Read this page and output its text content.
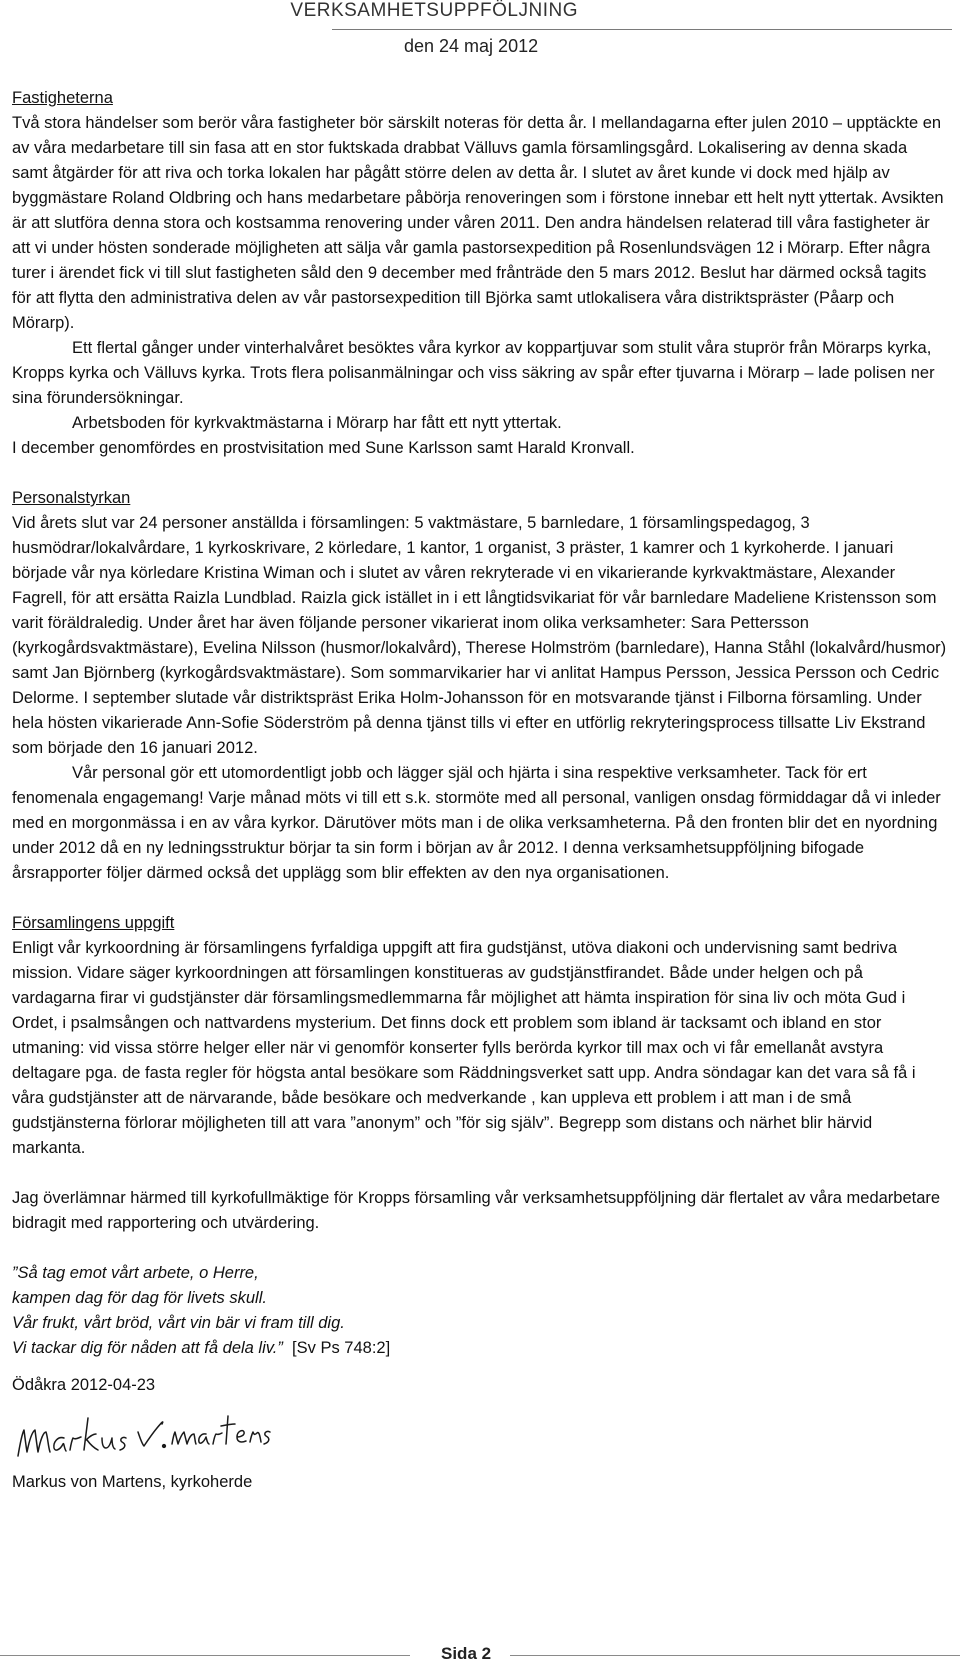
VERKSAMHETSUPPFÖLJNING
den 24 maj 2012

Fastigheterna

Två stora händelser som berör våra fastigheter bör särskilt noteras för detta år. I mellandagarna efter julen 2010 – upptäckte en av våra medarbetare till sin fasa att en stor fuktskada drabbat Välluvs gamla församlingsgård. Lokalisering av denna skada samt åtgärder för att riva och torka lokalen har pågått större delen av detta år. I slutet av året kunde vi dock med hjälp av byggmästare Roland Oldbring och hans medarbetare påbörja renoveringen som i förstone innebar ett helt nytt yttertak. Avsikten är att slutföra denna stora och kostsamma renovering under våren 2011. Den andra händelsen relaterad till våra fastigheter är att vi under hösten sonderade möjligheten att sälja vår gamla pastorsexpedition på Rosenlundsvägen 12 i Mörarp. Efter några turer i ärendet fick vi till slut fastigheten såld den 9 december med frånträde den 5 mars 2012. Beslut har därmed också tagits för att flytta den administrativa delen av vår pastorsexpedition till Björka samt utlokalisera våra distriktspräster (Påarp och Mörarp).

Ett flertal gånger under vinterhalvåret besöktes våra kyrkor av koppartjuvar som stulit våra stuprör från Mörarps kyrka, Kropps kyrka och Välluvs kyrka. Trots flera polisanmälningar och viss säkring av spår efter tjuvarna i Mörarp – lade polisen ner sina förundersökningar.

Arbetsboden för kyrkvaktmästarna i Mörarp har fått ett nytt yttertak.

I december genomfördes en prostvisitation med Sune Karlsson samt Harald Kronvall.

Personalstyrkan

Vid årets slut var 24 personer anställda i församlingen: 5 vaktmästare, 5 barnledare, 1 församlingspedagog, 3 husmödrar/lokalvårdare, 1 kyrkoskrivare, 2 körledare, 1 kantor, 1 organist, 3 präster, 1 kamrer och 1 kyrkoherde. I januari började vår nya körledare Kristina Wiman och i slutet av våren rekryterade vi en vikarierande kyrkvaktmästare, Alexander Fagrell, för att ersätta Raizla Lundblad. Raizla gick istället in i ett långtidsvikariat för vår barnledare Madeliene Kristensson som varit föräldraledig. Under året har även följande personer vikarierat inom olika verksamheter: Sara Pettersson (kyrkogårdsvaktmästare), Evelina Nilsson (husmor/lokalvård), Therese Holmström (barnledare), Hanna Ståhl (lokalvård/husmor) samt Jan Björnberg (kyrkogårdsvaktmästare). Som sommarvikarier har vi anlitat Hampus Persson, Jessica Persson och Cedric Delorme. I september slutade vår distriktspräst Erika Holm-Johansson för en motsvarande tjänst i Filborna församling. Under hela hösten vikarierade Ann-Sofie Söderström på denna tjänst tills vi efter en utförlig rekryteringsprocess tillsatte Liv Ekstrand som började den 16 januari 2012.

Vår personal gör ett utomordentligt jobb och lägger själ och hjärta i sina respektive verksamheter. Tack för ert fenomenala engagemang! Varje månad möts vi till ett s.k. stormöte med all personal, vanligen onsdag förmiddagar då vi inleder med en morgonmässa i en av våra kyrkor. Därutöver möts man i de olika verksamheterna. På den fronten blir det en nyordning under 2012 då en ny ledningsstruktur börjar ta sin form i början av år 2012. I denna verksamhetsuppföljning bifogade årsrapporter följer därmed också det upplägg som blir effekten av den nya organisationen.

Församlingens uppgift

Enligt vår kyrkoordning är församlingens fyrfaldiga uppgift att fira gudstjänst, utöva diakoni och undervisning samt bedriva mission. Vidare säger kyrkoordningen att församlingen konstitueras av gudstjänstfirandet. Både under helgen och på vardagarna firar vi gudstjänster där församlingsmedlemmarna får möjlighet att hämta inspiration för sina liv och möta Gud i Ordet, i psalmsången och nattvardens mysterium. Det finns dock ett problem som ibland är tacksamt och ibland en stor utmaning: vid vissa större helger eller när vi genomför konserter fylls berörda kyrkor till max och vi får emellanåt avstyra deltagare pga. de fasta regler för högsta antal besökare som Räddningsverket satt upp. Andra söndagar kan det vara så få i våra gudstjänster att de närvarande, både besökare och medverkande , kan uppleva ett problem i att man i de små gudstjänsterna förlorar möjligheten till att vara ”anonym” och ”för sig själv”. Begrepp som distans och närhet blir härvid markanta.

Jag överlämnar härmed till kyrkofullmäktige för Kropps församling vår verksamhetsuppföljning där flertalet av våra medarbetare bidragit med rapportering och utvärdering.

”Så tag emot vårt arbete, o Herre,
kampen dag för dag för livets skull.
Vår frukt, vårt bröd, vårt vin bär vi fram till dig.
Vi tackar dig för nåden att få dela liv.” [Sv Ps 748:2]
Ödåkra 2012-04-23
Markus von Martens, kyrkoherde
Sida 2
